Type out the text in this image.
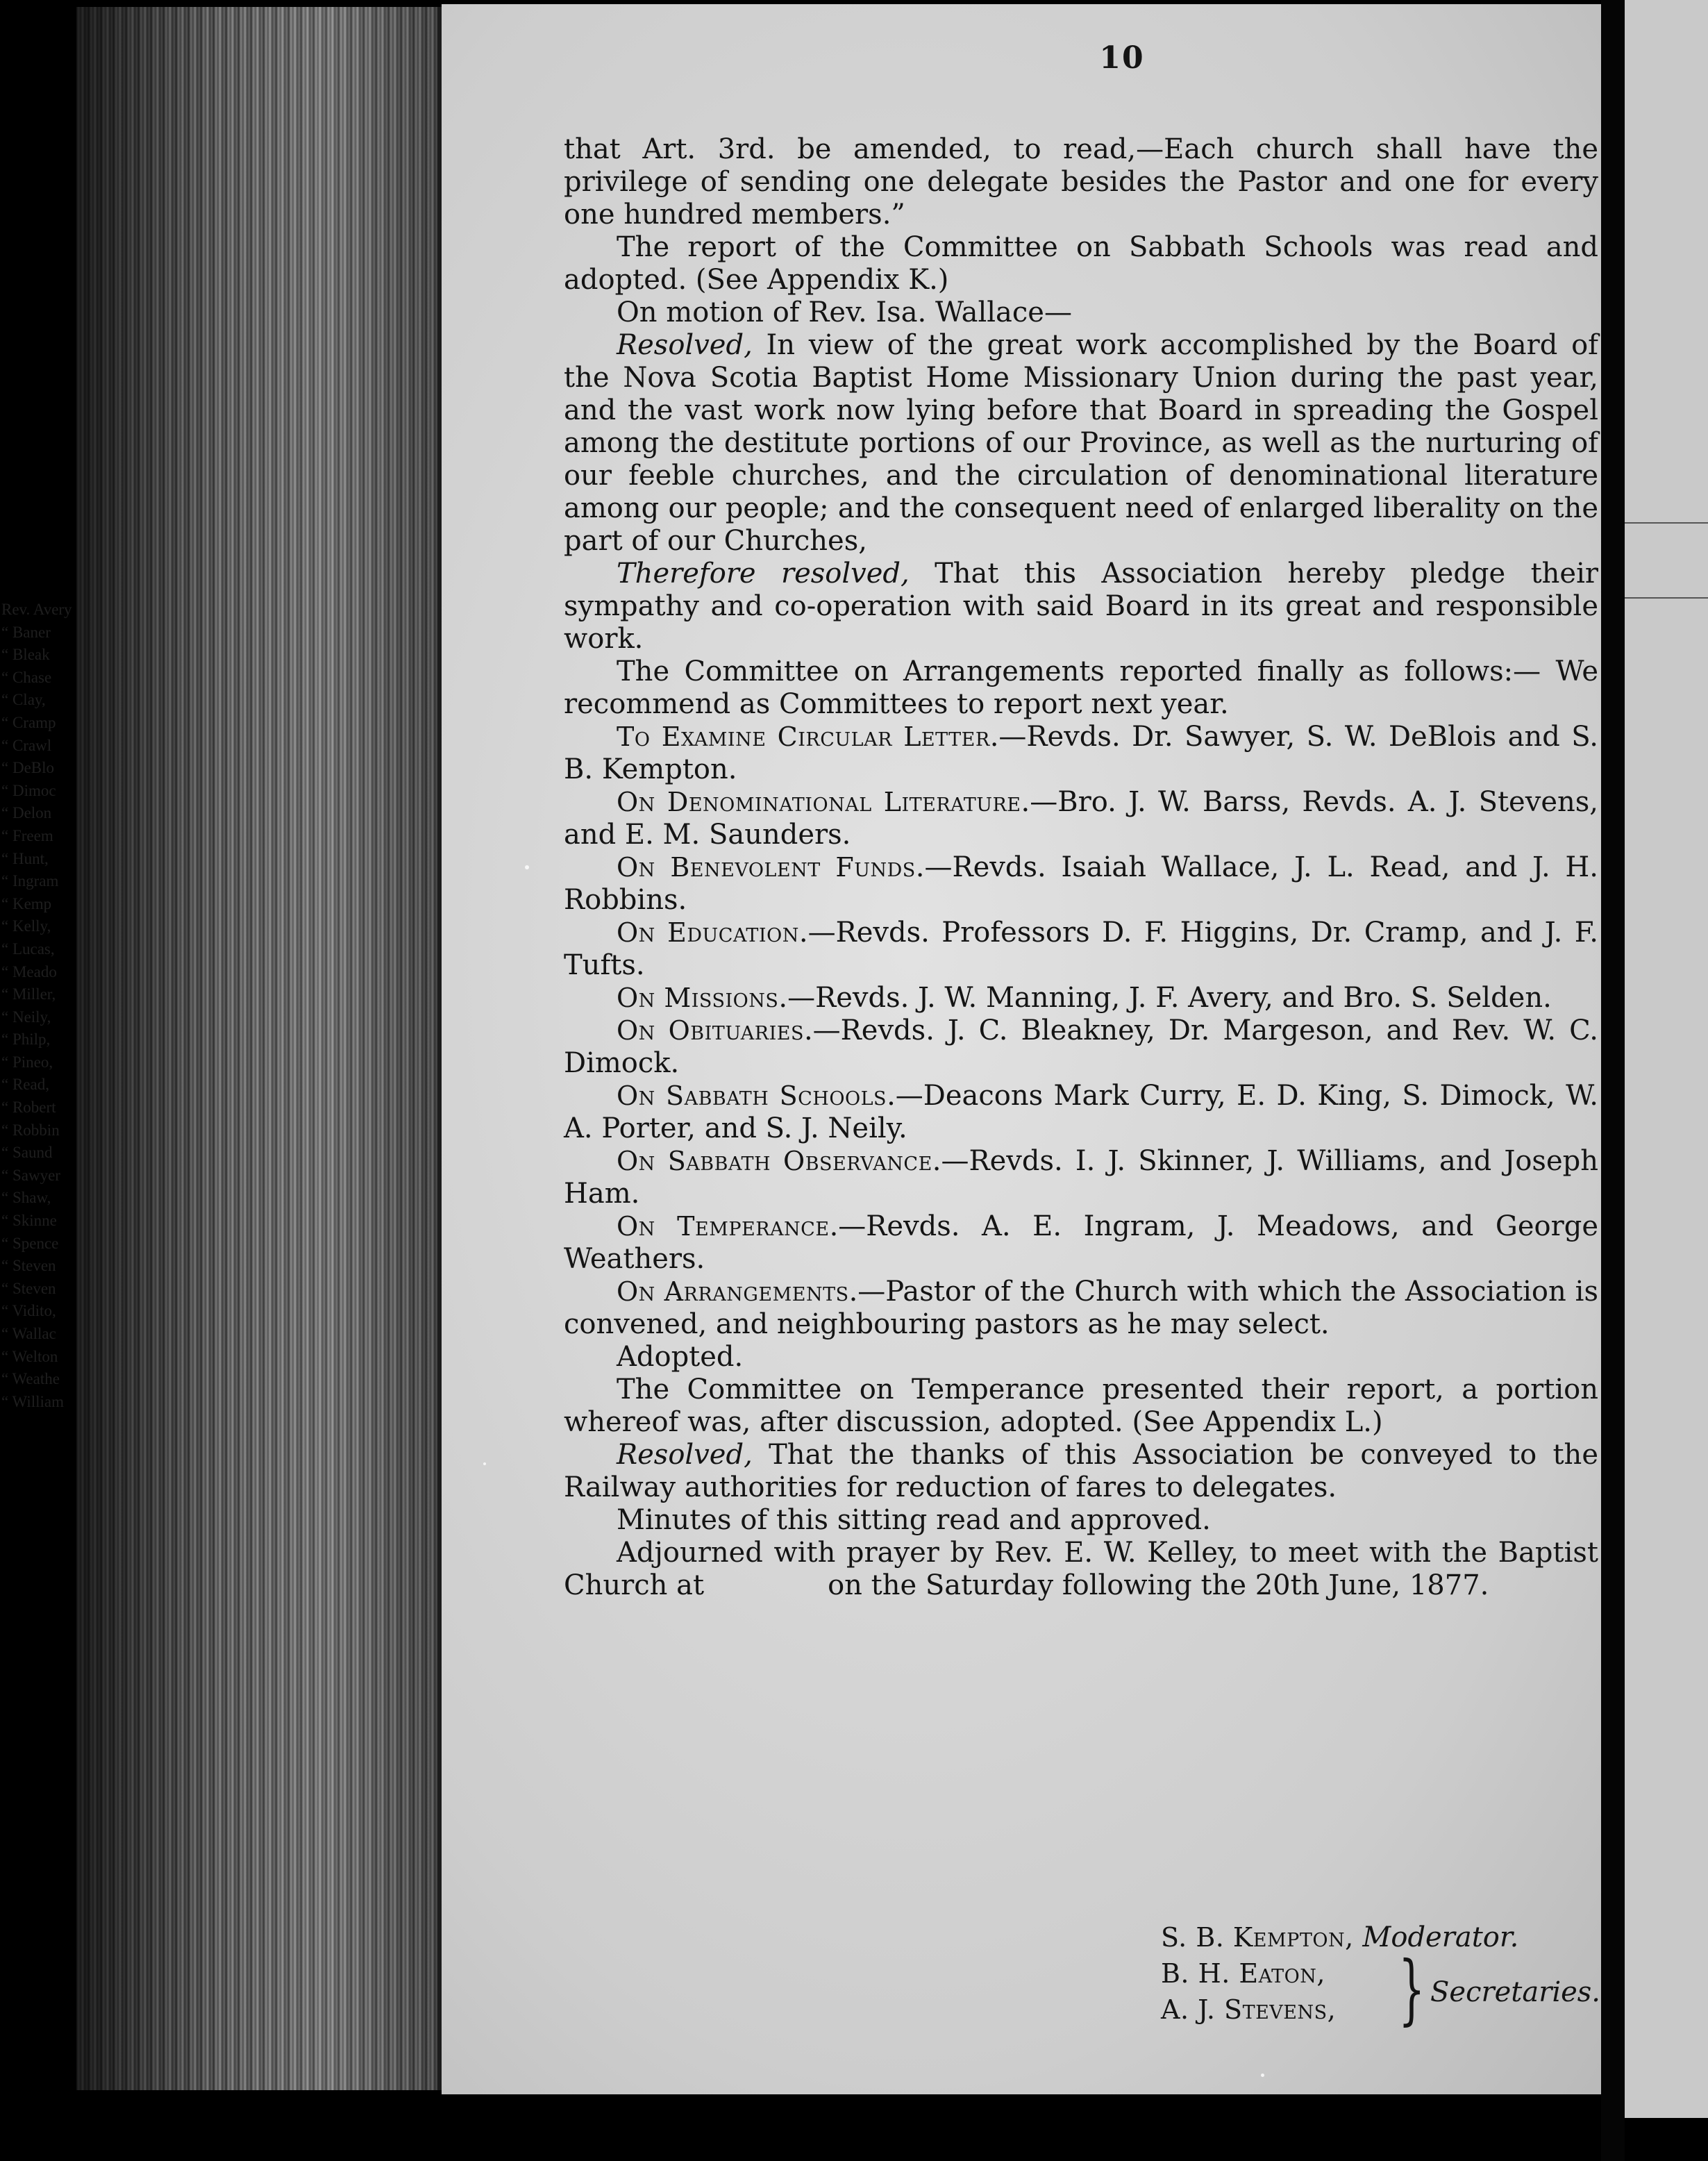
10

that Art. 3rd. be amended, to read,—Each church shall have the privilege of sending one delegate besides the Pastor and one for every one hundred members.”

The report of the Committee on Sabbath Schools was read and adopted. (See Appendix K.)

On motion of Rev. Isa. Wallace—

Resolved, In view of the great work accomplished by the Board of the Nova Scotia Baptist Home Missionary Union during the past year, and the vast work now lying before that Board in spreading the Gospel among the destitute portions of our Province, as well as the nurturing of our feeble churches, and the circulation of denominational literature among our people; and the consequent need of enlarged liberality on the part of our Churches,

Therefore resolved, That this Association hereby pledge their sympathy and co-operation with said Board in its great and responsible work.

The Committee on Arrangements reported finally as follows:— We recommend as Committees to report next year.

To Examine Circular Letter.—Revds. Dr. Sawyer, S. W. DeBlois and S. B. Kempton.

On Denominational Literature.—Bro. J. W. Barss, Revds. A. J. Stevens, and E. M. Saunders.

On Benevolent Funds.—Revds. Isaiah Wallace, J. L. Read, and J. H. Robbins.

On Education.—Revds. Professors D. F. Higgins, Dr. Cramp, and J. F. Tufts.

On Missions.—Revds. J. W. Manning, J. F. Avery, and Bro. S. Selden.

On Obituaries.—Revds. J. C. Bleakney, Dr. Margeson, and Rev. W. C. Dimock.

On Sabbath Schools.—Deacons Mark Curry, E. D. King, S. Dimock, W. A. Porter, and S. J. Neily.

On Sabbath Observance.—Revds. I. J. Skinner, J. Williams, and Joseph Ham.

On Temperance.—Revds. A. E. Ingram, J. Meadows, and George Weathers.

On Arrangements.—Pastor of the Church with which the Association is convened, and neighbouring pastors as he may select.

Adopted.

The Committee on Temperance presented their report, a portion whereof was, after discussion, adopted. (See Appendix L.)

Resolved, That the thanks of this Association be conveyed to the Railway authorities for reduction of fares to delegates.

Minutes of this sitting read and approved.

Adjourned with prayer by Rev. E. W. Kelley, to meet with the Baptist Church at	on the Saturday following the 20th June, 1877.

S. B. Kempton, Moderator.
B. H. Eaton,
A. J. Stevens, } Secretaries.
Rev. Avery
“ Baner
“ Bleak
“ Chase
“ Clay,
“ Cramp
“ Crawl
“ DeBlo
“ Dimoc
“ Delon
“ Freem
“ Hunt,
“ Ingram
“ Kemp
“ Kelly,
“ Lucas,
“ Meado
“ Miller,
“ Neily,
“ Philp,
“ Pineo,
“ Read,
“ Robert
“ Robbin
“ Saund
“ Sawyer
“ Shaw,
“ Skinne
“ Spence
“ Steven
“ Steven
“ Vidito,
“ Wallac
“ Welton
“ Weathe
“ William
